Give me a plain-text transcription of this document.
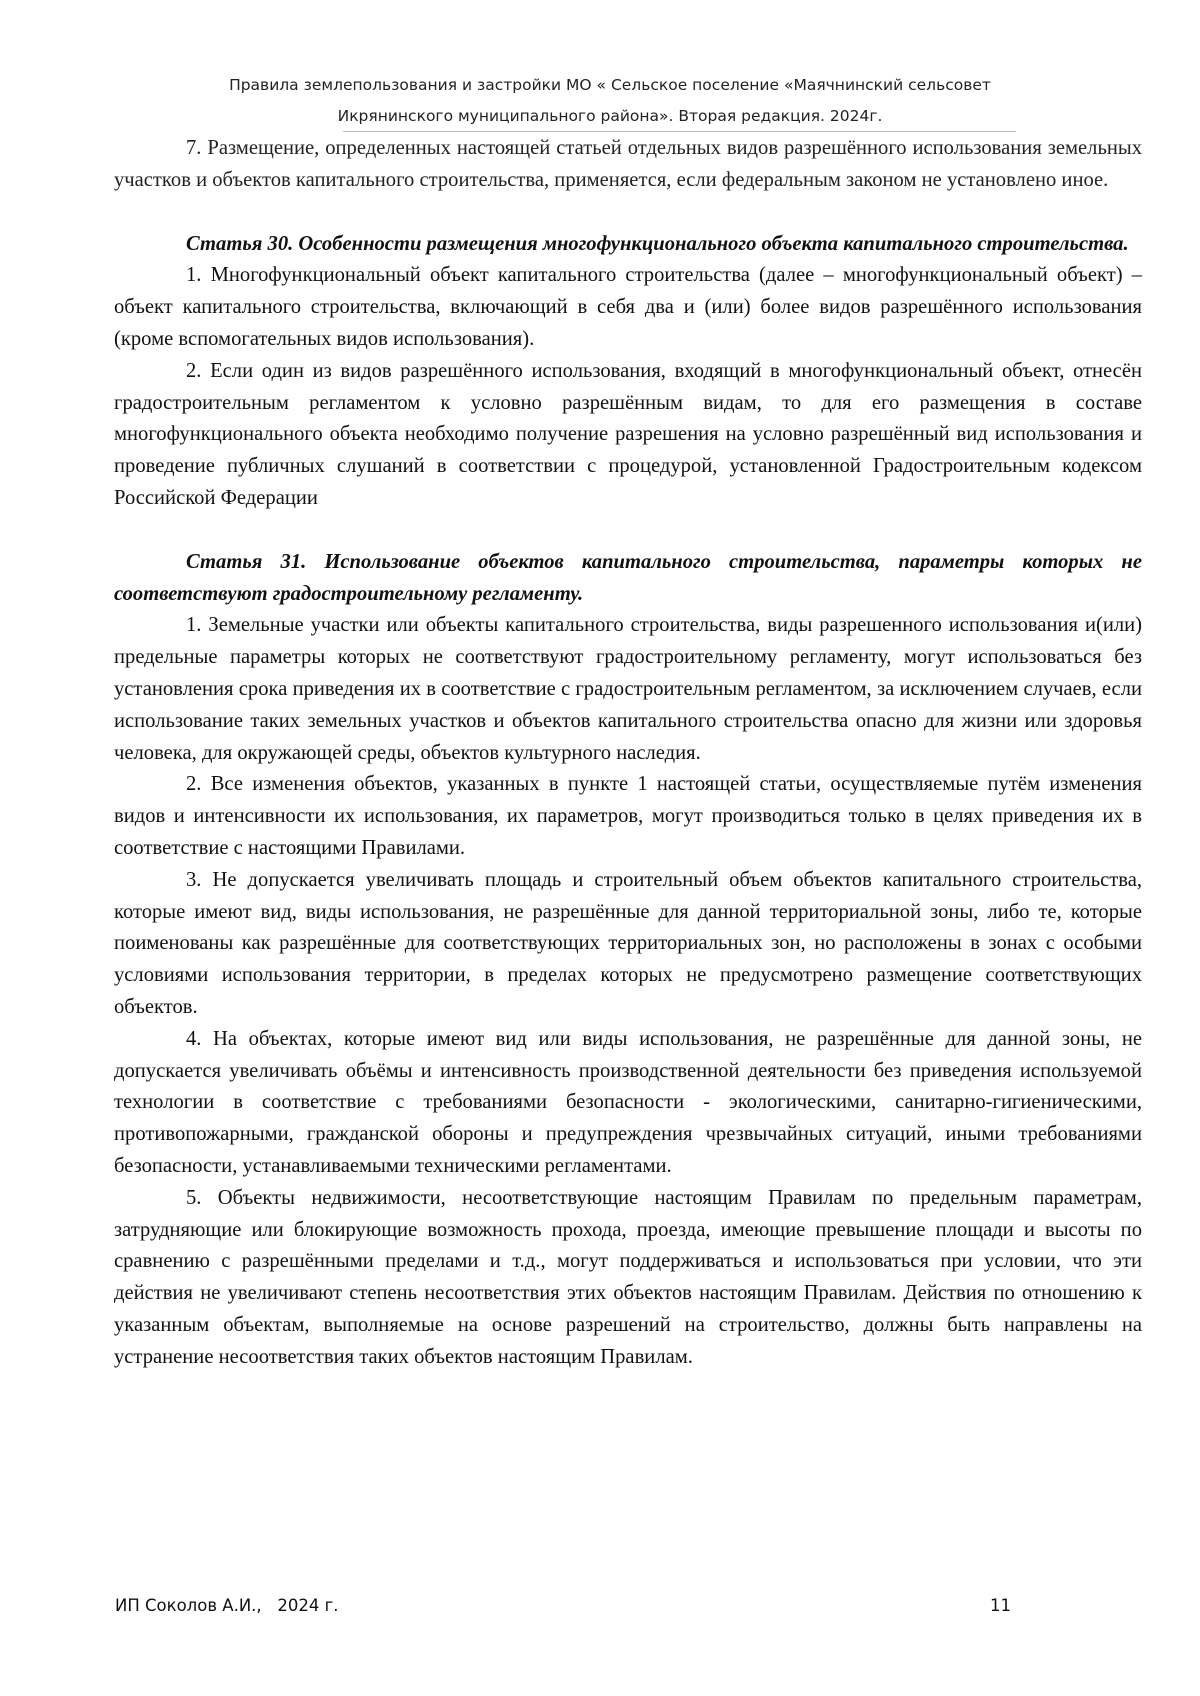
Правила землепользования и застройки МО « Сельское поселение «Маячнинский сельсовет
Икрянинского муниципального района». Вторая редакция. 2024г.

7. Размещение, определенных настоящей статьей отдельных видов разрешённого использования земельных участков и объектов капитального строительства, применяется, если федеральным законом не установлено иное.

Статья 30. Особенности размещения многофункционального объекта капитального строительства.

1. Многофункциональный объект капитального строительства (далее – многофункциональный объект) – объект капитального строительства, включающий в себя два и (или) более видов разрешённого использования (кроме вспомогательных видов использования).

2. Если один из видов разрешённого использования, входящий в многофункциональный объект, отнесён градостроительным регламентом к условно разрешённым видам, то для его размещения в составе многофункционального объекта необходимо получение разрешения на условно разрешённый вид использования и проведение публичных слушаний в соответствии с процедурой, установленной Градостроительным кодексом Российской Федерации

Статья 31. Использование объектов капитального строительства, параметры которых не соответствуют градостроительному регламенту.

1. Земельные участки или объекты капитального строительства, виды разрешенного использования и(или) предельные параметры которых не соответствуют градостроительному регламенту, могут использоваться без установления срока приведения их в соответствие с градостроительным регламентом, за исключением случаев, если использование таких земельных участков и объектов капитального строительства опасно для жизни или здоровья человека, для окружающей среды, объектов культурного наследия.

2. Все изменения объектов, указанных в пункте 1 настоящей статьи, осуществляемые путём изменения видов и интенсивности их использования, их параметров, могут производиться только в целях приведения их в соответствие с настоящими Правилами.

3. Не допускается увеличивать площадь и строительный объем объектов капитального строительства, которые имеют вид, виды использования, не разрешённые для данной территориальной зоны, либо те, которые поименованы как разрешённые для соответствующих территориальных зон, но расположены в зонах с особыми условиями использования территории, в пределах которых не предусмотрено размещение соответствующих объектов.

4. На объектах, которые имеют вид или виды использования, не разрешённые для данной зоны, не допускается увеличивать объёмы и интенсивность производственной деятельности без приведения используемой технологии в соответствие с требованиями безопасности - экологическими, санитарно-гигиеническими, противопожарными, гражданской обороны и предупреждения чрезвычайных ситуаций, иными требованиями безопасности, устанавливаемыми техническими регламентами.

5. Объекты недвижимости, несоответствующие настоящим Правилам по предельным параметрам, затрудняющие или блокирующие возможность прохода, проезда, имеющие превышение площади и высоты по сравнению с разрешёнными пределами и т.д., могут поддерживаться и использоваться при условии, что эти действия не увеличивают степень несоответствия этих объектов настоящим Правилам. Действия по отношению к указанным объектам, выполняемые на основе разрешений на строительство, должны быть направлены на устранение несоответствия таких объектов настоящим Правилам.

ИП Соколов А.И.,   2024 г.	11
